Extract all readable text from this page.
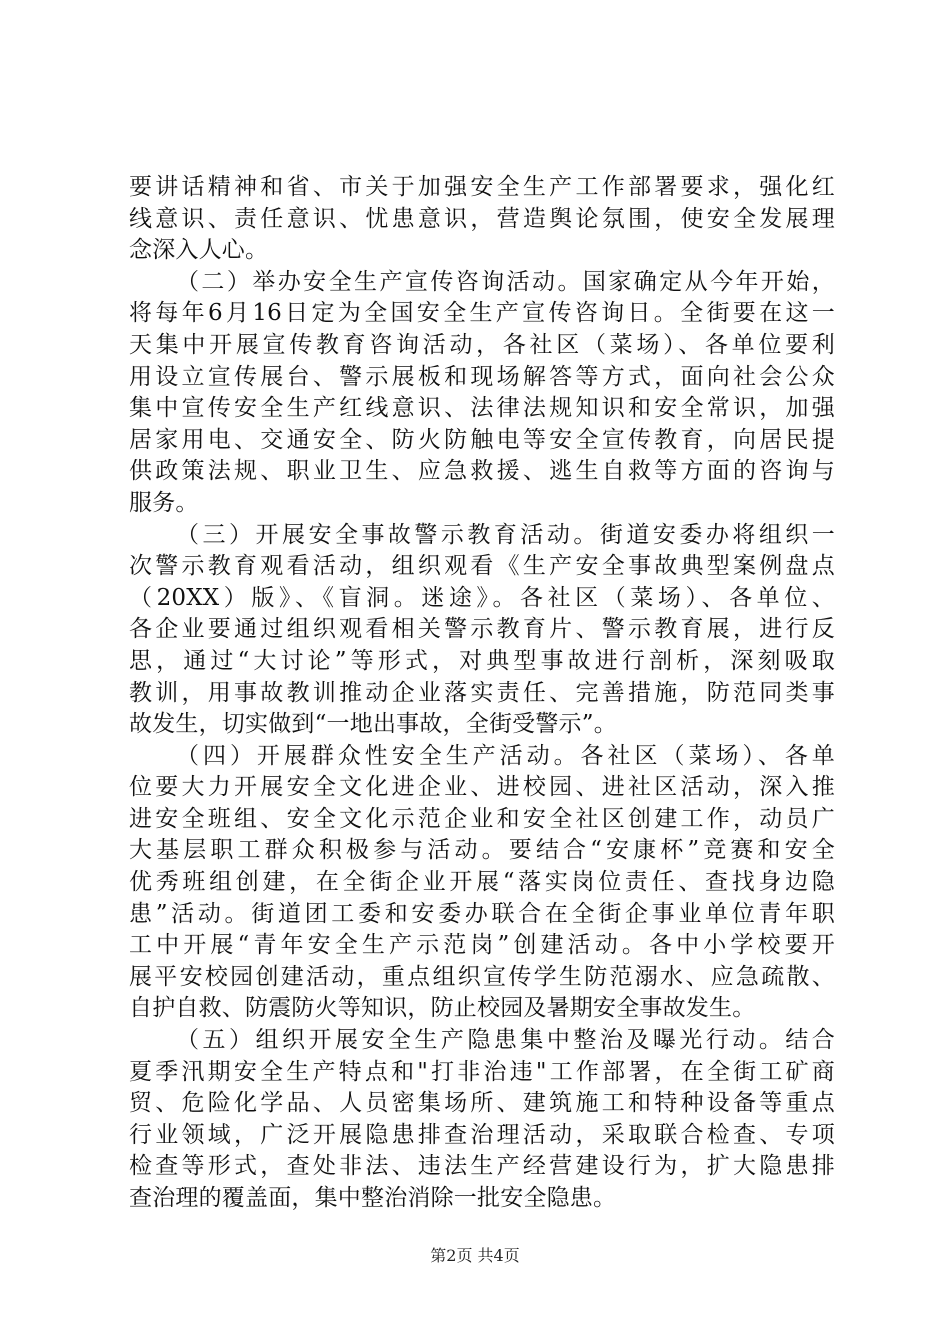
要讲话精神和省、市关于加强安全生产工作部署要求，强化红
线意识、责任意识、忧患意识，营造舆论氛围，使安全发展理
念深入人心。
（二）举办安全生产宣传咨询活动。国家确定从今年开始，
将每年6月16日定为全国安全生产宣传咨询日。全街要在这一
天集中开展宣传教育咨询活动，各社区（菜场）、各单位要利
用设立宣传展台、警示展板和现场解答等方式，面向社会公众
集中宣传安全生产红线意识、法律法规知识和安全常识，加强
居家用电、交通安全、防火防触电等安全宣传教育，向居民提
供政策法规、职业卫生、应急救援、逃生自救等方面的咨询与
服务。
（三）开展安全事故警示教育活动。街道安委办将组织一
次警示教育观看活动，组织观看《生产安全事故典型案例盘点
（20XX）版》、《盲洞。迷途》。各社区（菜场）、各单位、
各企业要通过组织观看相关警示教育片、警示教育展，进行反
思，通过“大讨论”等形式，对典型事故进行剖析，深刻吸取
教训，用事故教训推动企业落实责任、完善措施，防范同类事
故发生，切实做到“一地出事故，全街受警示”。
（四）开展群众性安全生产活动。各社区（菜场）、各单
位要大力开展安全文化进企业、进校园、进社区活动，深入推
进安全班组、安全文化示范企业和安全社区创建工作，动员广
大基层职工群众积极参与活动。要结合“安康杯”竞赛和安全
优秀班组创建，在全街企业开展“落实岗位责任、查找身边隐
患”活动。街道团工委和安委办联合在全街企事业单位青年职
工中开展“青年安全生产示范岗”创建活动。各中小学校要开
展平安校园创建活动，重点组织宣传学生防范溺水、应急疏散、
自护自救、防震防火等知识，防止校园及暑期安全事故发生。
（五）组织开展安全生产隐患集中整治及曝光行动。结合
夏季汛期安全生产特点和"打非治违"工作部署，在全街工矿商
贸、危险化学品、人员密集场所、建筑施工和特种设备等重点
行业领域，广泛开展隐患排查治理活动，采取联合检查、专项
检查等形式，查处非法、违法生产经营建设行为，扩大隐患排
查治理的覆盖面，集中整治消除一批安全隐患。
第2页 共4页
